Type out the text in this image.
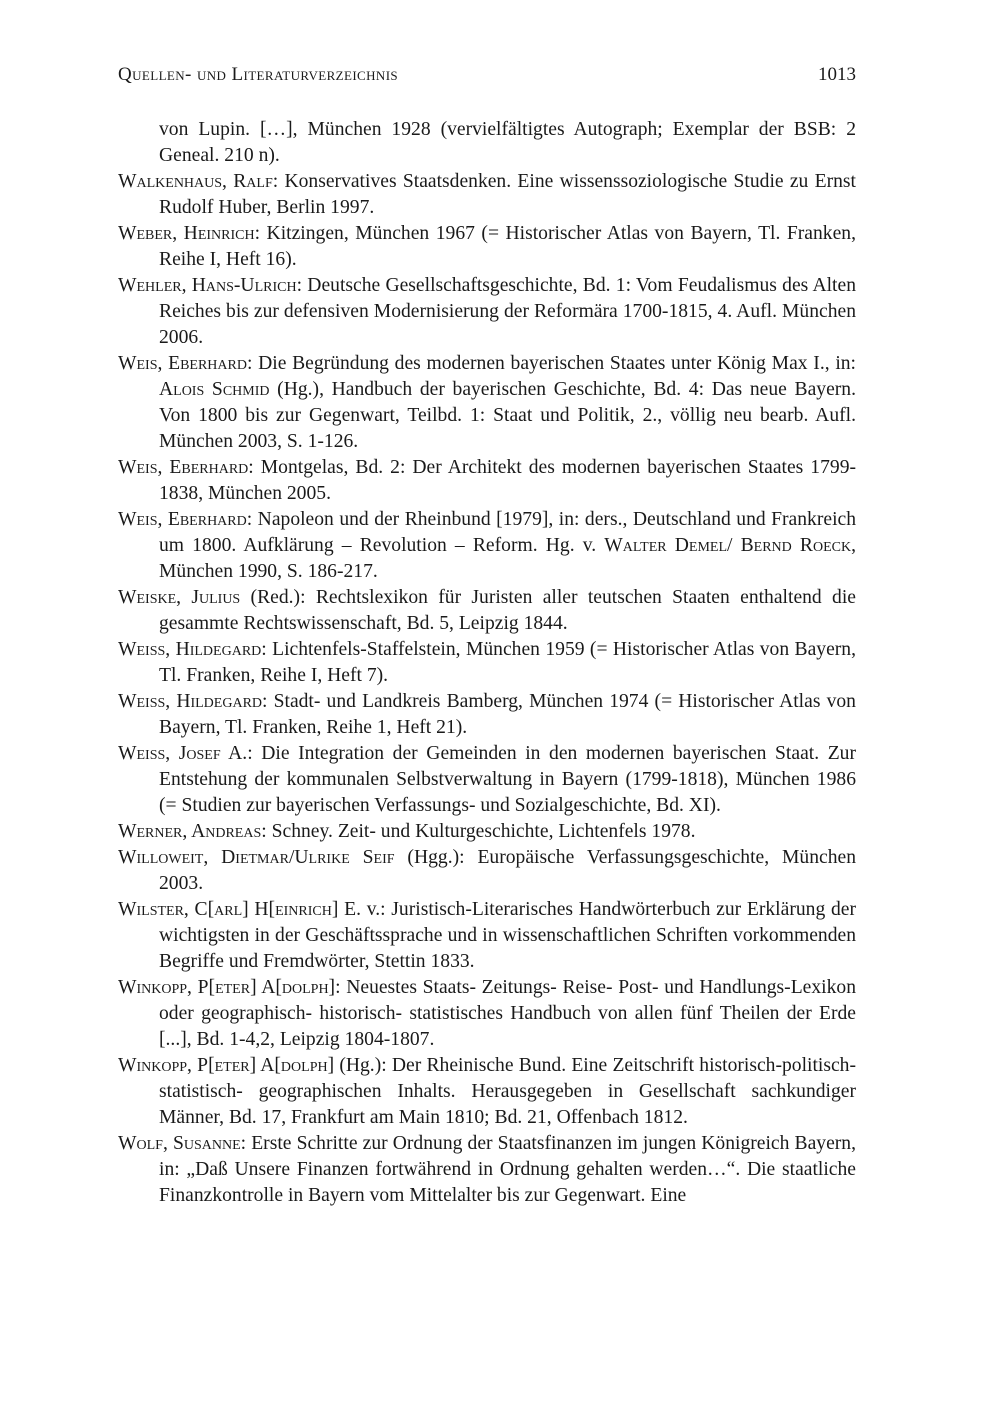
Quellen- und Literaturverzeichnis	1013

von Lupin. […], München 1928 (vervielfältigtes Autograph; Exemplar der BSB: 2 Geneal. 210 n).

Walkenhaus, Ralf: Konservatives Staatsdenken. Eine wissenssoziologische Studie zu Ernst Rudolf Huber, Berlin 1997.

Weber, Heinrich: Kitzingen, München 1967 (= Historischer Atlas von Bayern, Tl. Franken, Reihe I, Heft 16).

Wehler, Hans-Ulrich: Deutsche Gesellschaftsgeschichte, Bd. 1: Vom Feudalismus des Alten Reiches bis zur defensiven Modernisierung der Reformära 1700-1815, 4. Aufl. München 2006.

Weis, Eberhard: Die Begründung des modernen bayerischen Staates unter König Max I., in: Alois Schmid (Hg.), Handbuch der bayerischen Geschichte, Bd. 4: Das neue Bayern. Von 1800 bis zur Gegenwart, Teilbd. 1: Staat und Politik, 2., völlig neu bearb. Aufl. München 2003, S. 1-126.

Weis, Eberhard: Montgelas, Bd. 2: Der Architekt des modernen bayerischen Staates 1799-1838, München 2005.

Weis, Eberhard: Napoleon und der Rheinbund [1979], in: ders., Deutschland und Frankreich um 1800. Aufklärung – Revolution – Reform. Hg. v. Walter Demel/ Bernd Roeck, München 1990, S. 186-217.

Weiske, Julius (Red.): Rechtslexikon für Juristen aller teutschen Staaten enthaltend die gesammte Rechtswissenschaft, Bd. 5, Leipzig 1844.

Weiss, Hildegard: Lichtenfels-Staffelstein, München 1959 (= Historischer Atlas von Bayern, Tl. Franken, Reihe I, Heft 7).

Weiss, Hildegard: Stadt- und Landkreis Bamberg, München 1974 (= Historischer Atlas von Bayern, Tl. Franken, Reihe 1, Heft 21).

Weiss, Josef A.: Die Integration der Gemeinden in den modernen bayerischen Staat. Zur Entstehung der kommunalen Selbstverwaltung in Bayern (1799-1818), München 1986 (= Studien zur bayerischen Verfassungs- und Sozialgeschichte, Bd. XI).

Werner, Andreas: Schney. Zeit- und Kulturgeschichte, Lichtenfels 1978.

Willoweit, Dietmar/Ulrike Seif (Hgg.): Europäische Verfassungsgeschichte, München 2003.

Wilster, C[arl] H[einrich] E. v.: Juristisch-Literarisches Handwörterbuch zur Erklärung der wichtigsten in der Geschäftssprache und in wissenschaftlichen Schriften vorkommenden Begriffe und Fremdwörter, Stettin 1833.

Winkopp, P[eter] A[dolph]: Neuestes Staats- Zeitungs- Reise- Post- und Handlungs-Lexikon oder geographisch- historisch- statistisches Handbuch von allen fünf Theilen der Erde [...], Bd. 1-4,2, Leipzig 1804-1807.

Winkopp, P[eter] A[dolph] (Hg.): Der Rheinische Bund. Eine Zeitschrift historisch-politisch- statistisch- geographischen Inhalts. Herausgegeben in Gesellschaft sachkundiger Männer, Bd. 17, Frankfurt am Main 1810; Bd. 21, Offenbach 1812.

Wolf, Susanne: Erste Schritte zur Ordnung der Staatsfinanzen im jungen Königreich Bayern, in: „Daß Unsere Finanzen fortwährend in Ordnung gehalten werden…“. Die staatliche Finanzkontrolle in Bayern vom Mittelalter bis zur Gegenwart. Eine
